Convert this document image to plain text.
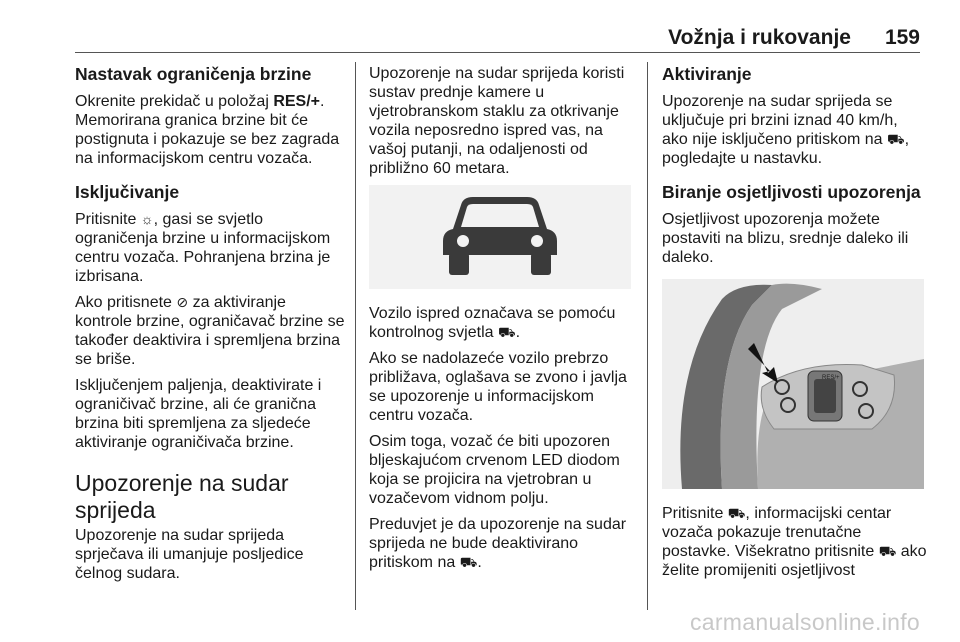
Vožnja i rukovanje 159
Nastavak ograničenja brzine

Okrenite prekidač u položaj RES/+. Memorirana granica brzine bit će postignuta i pokazuje se bez zagrada na informacijskom centru vozača.

Isključivanje

Pritisnite ☼, gasi se svjetlo ograničenja brzine u informacijskom centru vozača. Pohranjena brzina je izbrisana.

Ako pritisnete ⊘ za aktiviranje kontrole brzine, ograničavač brzine se također deaktivira i spremljena brzina se briše.

Isključenjem paljenja, deaktivirate i ograničivač brzine, ali će granična brzina biti spremljena za sljedeće aktiviranje ograničivača brzine.

Upozorenje na sudar sprijeda

Upozorenje na sudar sprijeda sprječava ili umanjuje posljedice čelnog sudara.

Upozorenje na sudar sprijeda koristi sustav prednje kamere u vjetrobranskom staklu za otkrivanje vozila neposredno ispred vas, na vašoj putanji, na odaljenosti od približno 60 metara.

Vozilo ispred označava se pomoću kontrolnog svjetla ⛟.

Ako se nadolazeće vozilo prebrzo približava, oglašava se zvono i javlja se upozorenje u informacijskom centru vozača.

Osim toga, vozač će biti upozoren bljeskajućom crvenom LED diodom koja se projicira na vjetrobran u vozačevom vidnom polju.

Preduvjet je da upozorenje na sudar sprijeda ne bude deaktivirano pritiskom na ⛟.

Aktiviranje

Upozorenje na sudar sprijeda se uključuje pri brzini iznad 40 km/h, ako nije isključeno pritiskom na ⛟, pogledajte u nastavku.

Biranje osjetljivosti upozorenja

Osjetljivost upozorenja možete postaviti na blizu, srednje daleko ili daleko.

RES/+

Pritisnite ⛟, informacijski centar vozača pokazuje trenutačne postavke. Višekratno pritisnite ⛟ ako želite promijeniti osjetljivost

carmanualsonline.info
